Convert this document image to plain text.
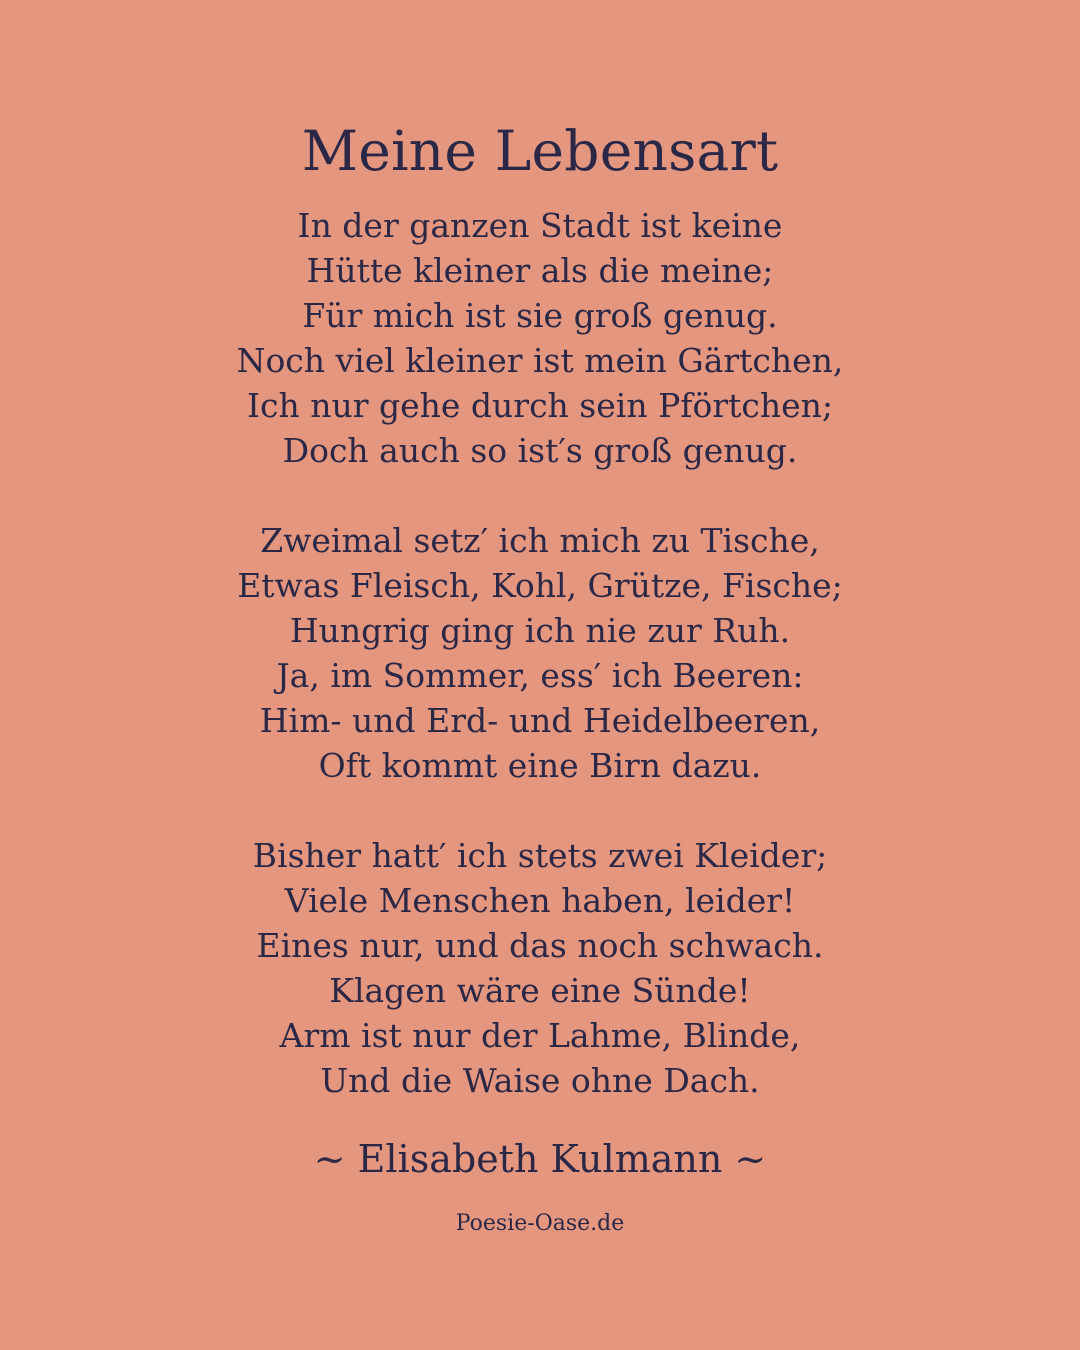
Meine Lebensart
In der ganzen Stadt ist keine
Hütte kleiner als die meine;
Für mich ist sie groß genug.
Noch viel kleiner ist mein Gärtchen,
Ich nur gehe durch sein Pförtchen;
Doch auch so ist′s groß genug.
Zweimal setz′ ich mich zu Tische,
Etwas Fleisch, Kohl, Grütze, Fische;
Hungrig ging ich nie zur Ruh.
Ja, im Sommer, ess′ ich Beeren:
Him- und Erd- und Heidelbeeren,
Oft kommt eine Birn dazu.
Bisher hatt′ ich stets zwei Kleider;
Viele Menschen haben, leider!
Eines nur, und das noch schwach.
Klagen wäre eine Sünde!
Arm ist nur der Lahme, Blinde,
Und die Waise ohne Dach.
~ Elisabeth Kulmann ~
Poesie-Oase.de
